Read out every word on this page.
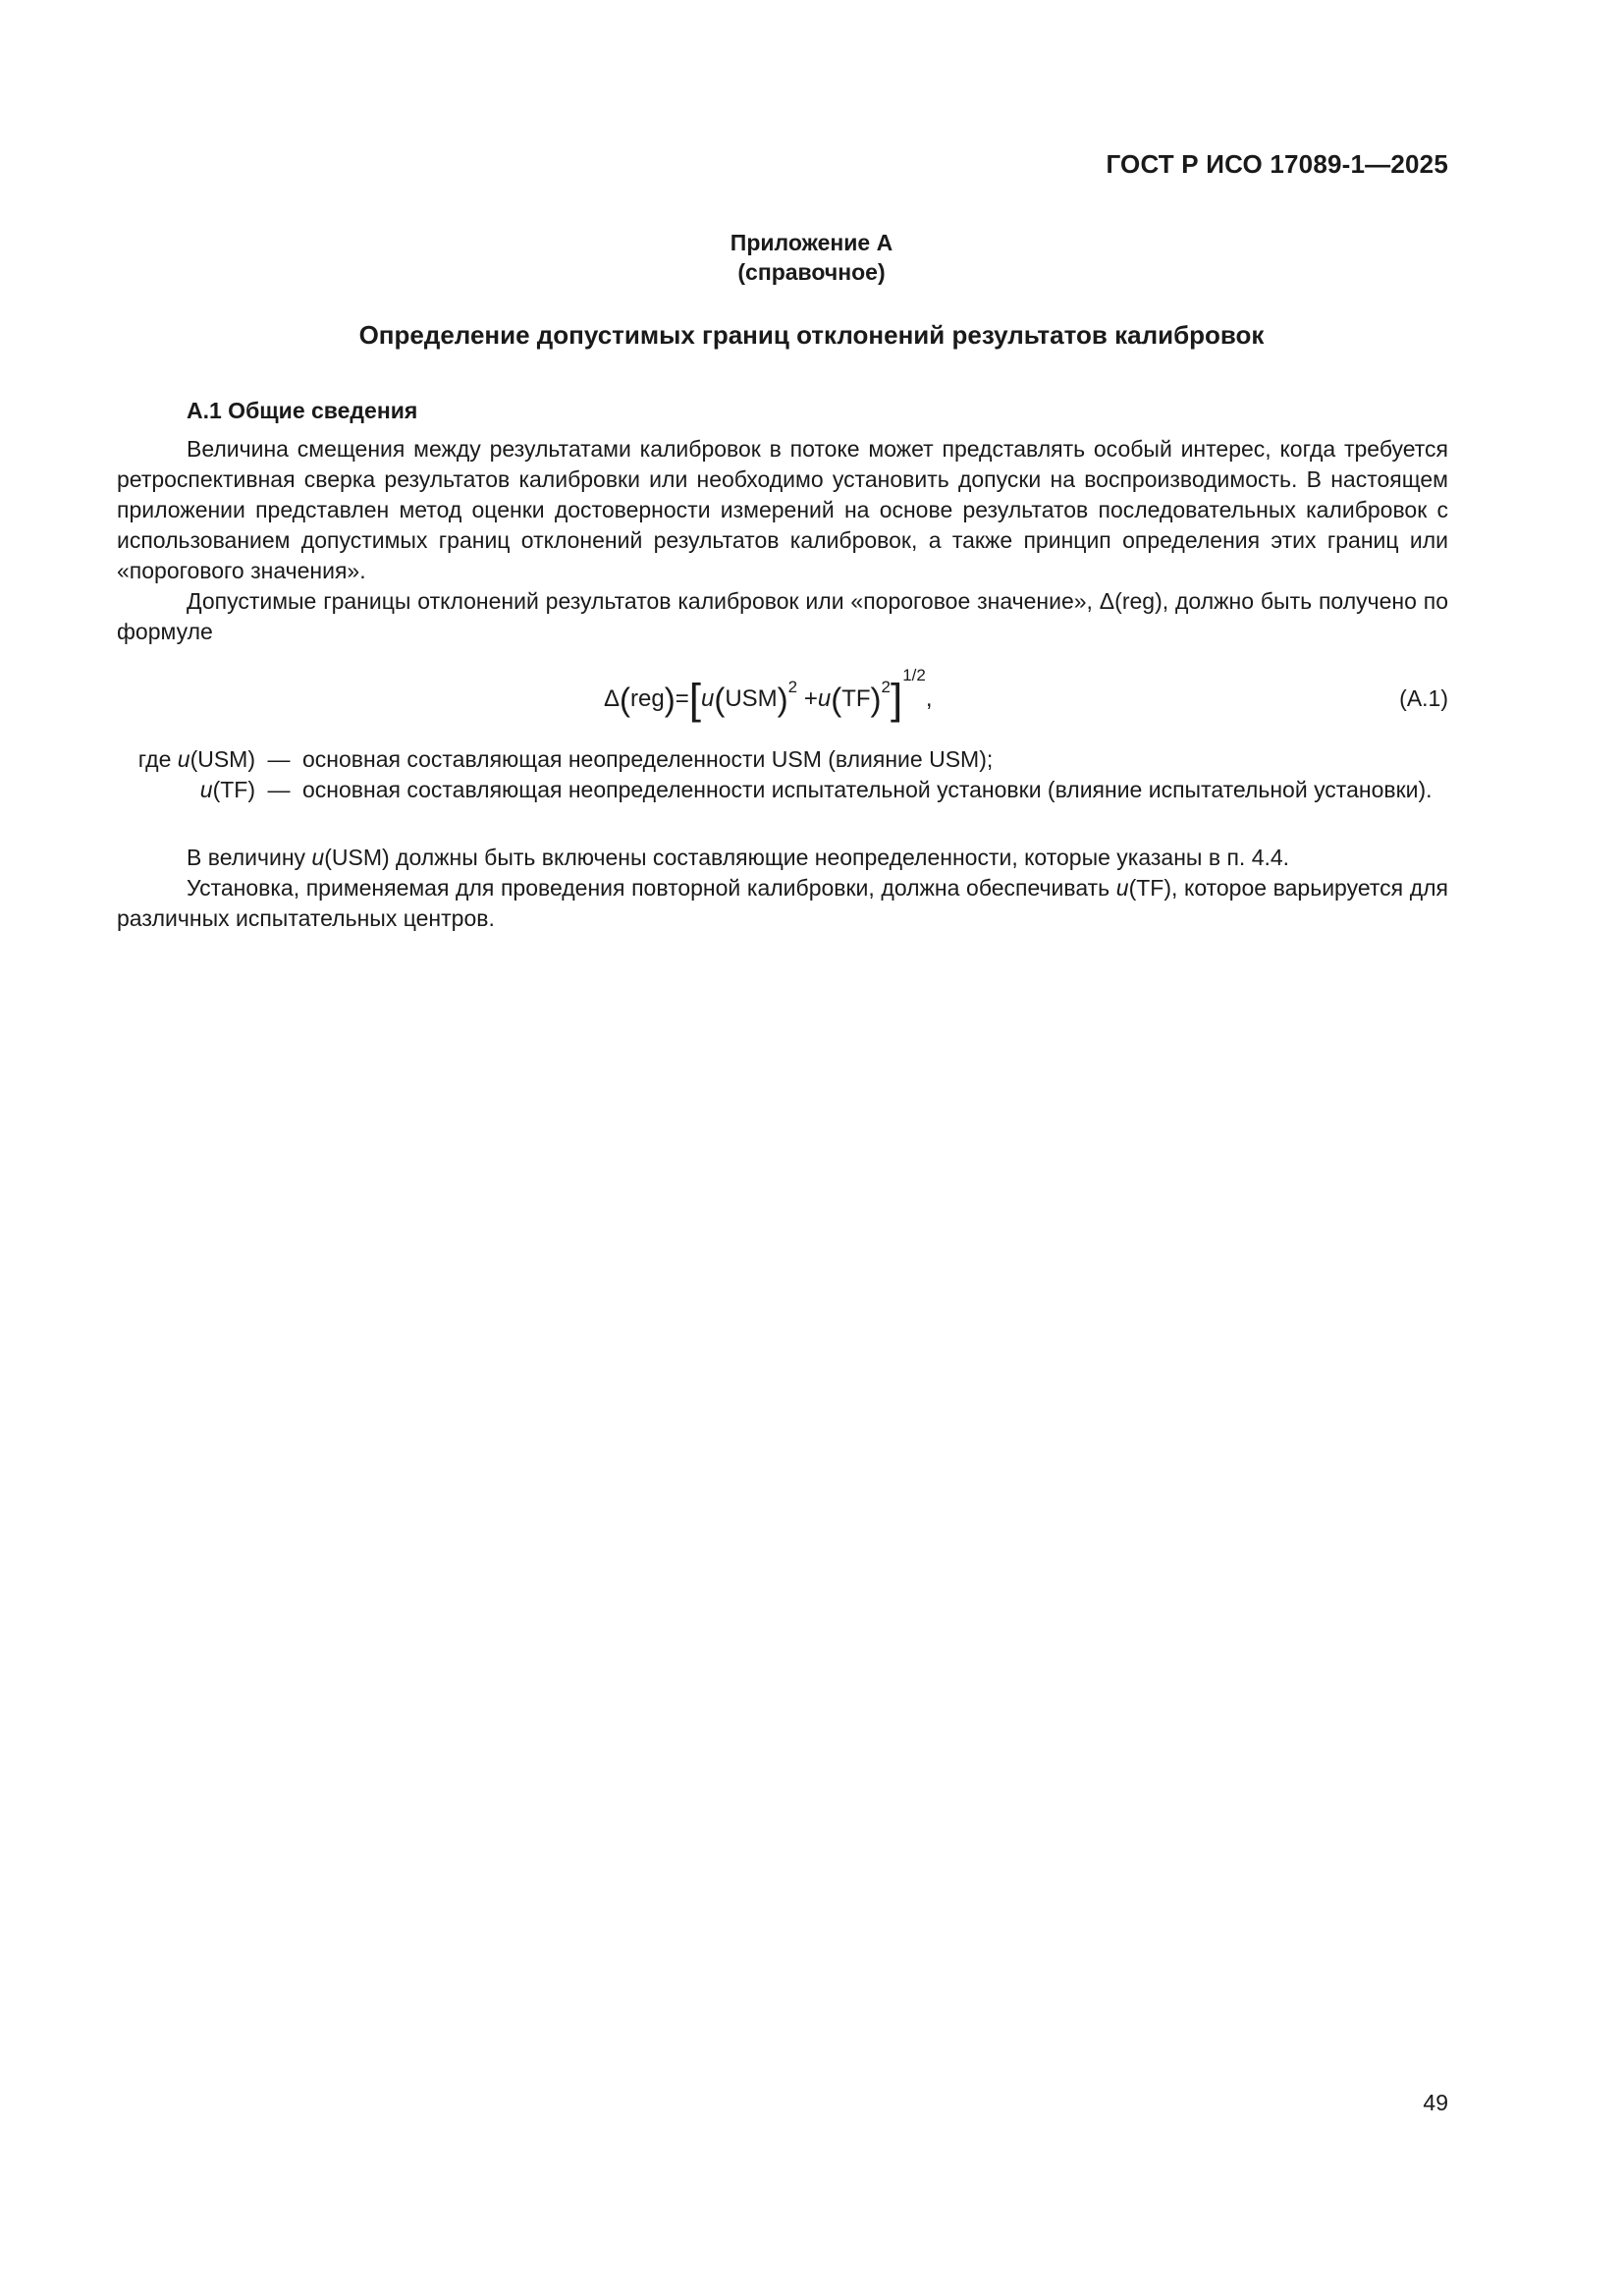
ГОСТ Р ИСО 17089-1—2025
Приложение А
(справочное)
Определение допустимых границ отклонений результатов калибровок
А.1 Общие сведения

Величина смещения между результатами калибровок в потоке может представлять особый интерес, когда требуется ретроспективная сверка результатов калибровки или необходимо установить допуски на воспроизводимость. В настоящем приложении представлен метод оценки достоверности измерений на основе результатов последовательных калибровок с использованием допустимых границ отклонений результатов калибровок, а также принцип определения этих границ или «порогового значения».

Допустимые границы отклонений результатов калибровок или «пороговое значение», Δ(reg), должно быть получено по формуле

$\Delta(reg)=[u(USM)^2 +u(TF)^2]^{1/2}$,	(А.1)
где u(USM) — основная составляющая неопределенности USM (влияние USM);
u(TF) — основная составляющая неопределенности испытательной установки (влияние испытательной установки).

В величину u(USM) должны быть включены составляющие неопределенности, которые указаны в п. 4.4.

Установка, применяемая для проведения повторной калибровки, должна обеспечивать u(TF), которое варьируется для различных испытательных центров.

49
